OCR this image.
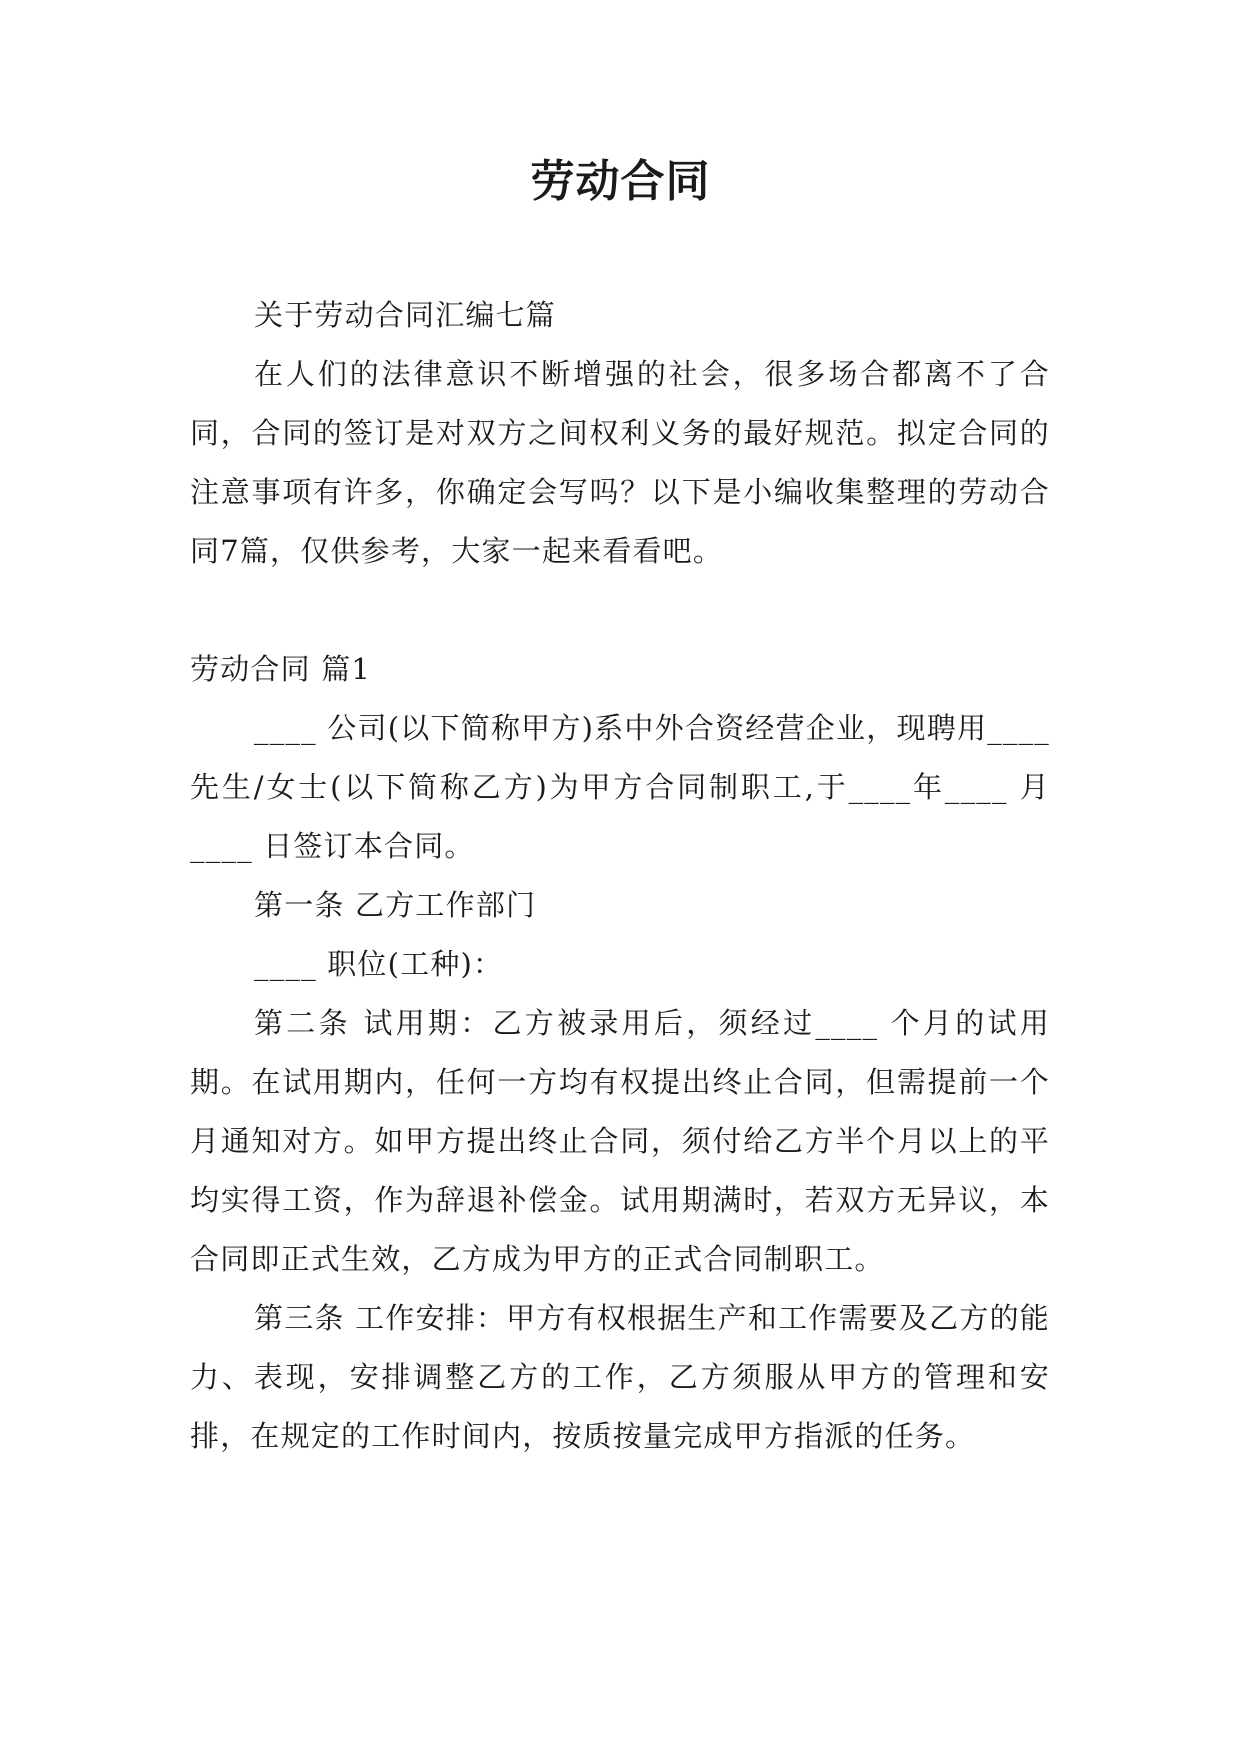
劳动合同

关于劳动合同汇编七篇

在人们的法律意识不断增强的社会，很多场合都离不了合同，合同的签订是对双方之间权利义务的最好规范。拟定合同的注意事项有许多，你确定会写吗？以下是小编收集整理的劳动合同7篇，仅供参考，大家一起来看看吧。

劳动合同 篇1

____ 公司(以下简称甲方)系中外合资经营企业，现聘用____ 先生/女士(以下简称乙方)为甲方合同制职工,于____年____ 月____ 日签订本合同。

第一条 乙方工作部门

____ 职位(工种)：

第二条 试用期：乙方被录用后，须经过____ 个月的试用期。在试用期内，任何一方均有权提出终止合同，但需提前一个月通知对方。如甲方提出终止合同，须付给乙方半个月以上的平均实得工资，作为辞退补偿金。试用期满时，若双方无异议，本合同即正式生效，乙方成为甲方的正式合同制职工。

第三条 工作安排：甲方有权根据生产和工作需要及乙方的能力、表现，安排调整乙方的工作，乙方须服从甲方的管理和安排，在规定的工作时间内，按质按量完成甲方指派的任务。
